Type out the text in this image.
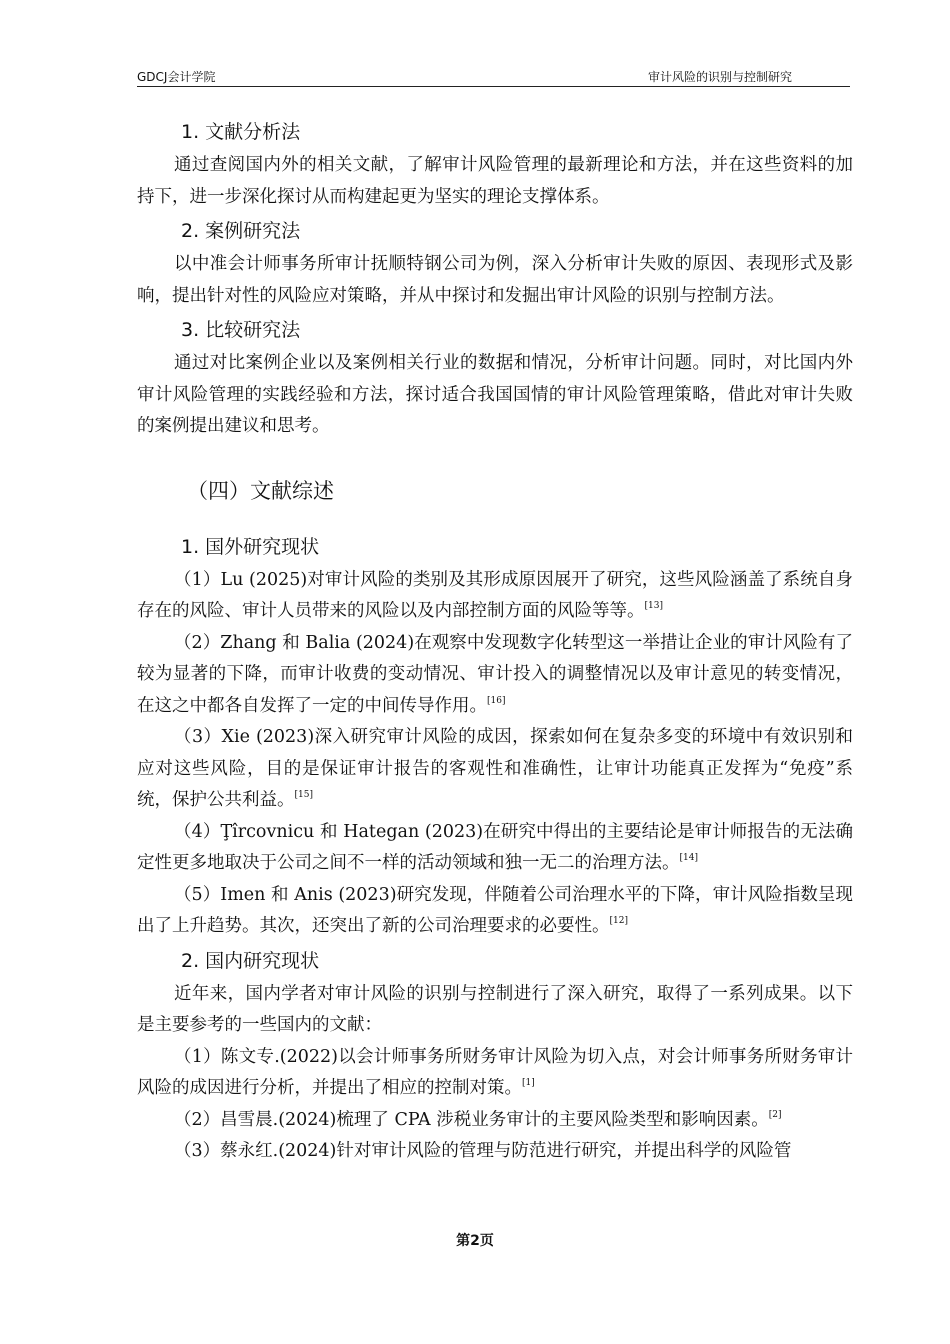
GDCJ会计学院	审计风险的识别与控制研究
1. 文献分析法

通过查阅国内外的相关文献，了解审计风险管理的最新理论和方法，并在这些资料的加持下，进一步深化探讨从而构建起更为坚实的理论支撑体系。

2. 案例研究法

以中准会计师事务所审计抚顺特钢公司为例，深入分析审计失败的原因、表现形式及影响，提出针对性的风险应对策略，并从中探讨和发掘出审计风险的识别与控制方法。

3. 比较研究法

通过对比案例企业以及案例相关行业的数据和情况，分析审计问题。同时，对比国内外审计风险管理的实践经验和方法，探讨适合我国国情的审计风险管理策略，借此对审计失败的案例提出建议和思考。

（四）文献综述
1. 国外研究现状

（1）Lu (2025)对审计风险的类别及其形成原因展开了研究，这些风险涵盖了系统自身存在的风险、审计人员带来的风险以及内部控制方面的风险等等。[13]

（2）Zhang 和 Balia (2024)在观察中发现数字化转型这一举措让企业的审计风险有了较为显著的下降，而审计收费的变动情况、审计投入的调整情况以及审计意见的转变情况，在这之中都各自发挥了一定的中间传导作用。[16]

（3）Xie (2023)深入研究审计风险的成因，探索如何在复杂多变的环境中有效识别和应对这些风险，目的是保证审计报告的客观性和准确性，让审计功能真正发挥为“免疫”系统，保护公共利益。[15]

（4）Ţîrcovnicu 和 Hategan (2023)在研究中得出的主要结论是审计师报告的无法确定性更多地取决于公司之间不一样的活动领域和独一无二的治理方法。[14]

（5）Imen 和 Anis (2023)研究发现，伴随着公司治理水平的下降，审计风险指数呈现出了上升趋势。其次，还突出了新的公司治理要求的必要性。[12]

2. 国内研究现状

近年来，国内学者对审计风险的识别与控制进行了深入研究，取得了一系列成果。以下是主要参考的一些国内的文献：

（1）陈文专.(2022)以会计师事务所财务审计风险为切入点，对会计师事务所财务审计风险的成因进行分析，并提出了相应的控制对策。[1]

（2）昌雪晨.(2024)梳理了 CPA 涉税业务审计的主要风险类型和影响因素。[2]

（3）蔡永红.(2024)针对审计风险的管理与防范进行研究，并提出科学的风险管

第2页
